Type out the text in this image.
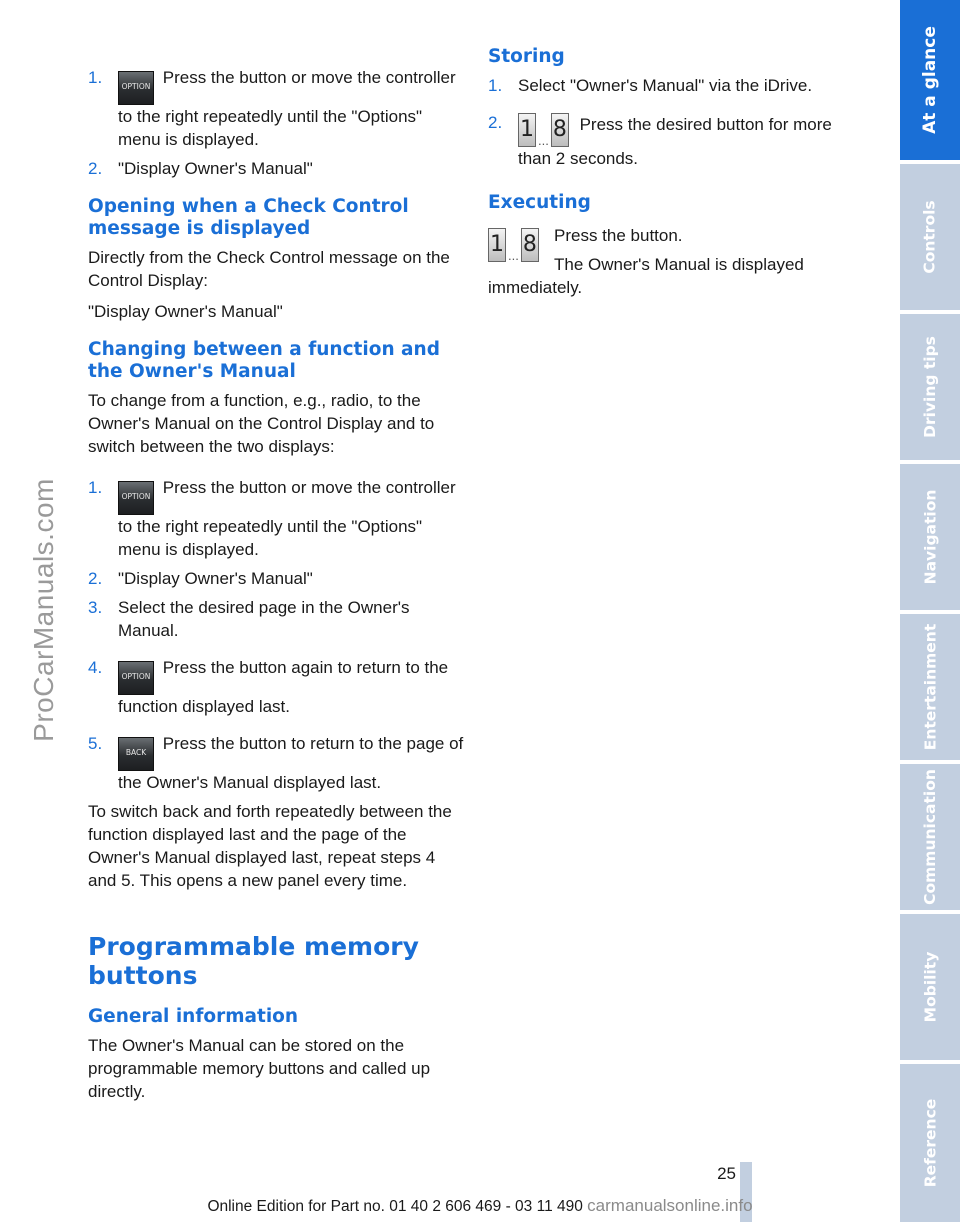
ProCarManuals.com
1.	OPTION Press the button or move the controller to the right repeatedly until the "Options" menu is displayed.
2. "Display Owner's Manual"
Opening when a Check Control message is displayed

Directly from the Check Control message on the Control Display:

"Display Owner's Manual"

Changing between a function and the Owner's Manual

To change from a function, e.g., radio, to the Owner's Manual on the Control Display and to switch between the two displays:

1.	OPTION Press the button or move the controller to the right repeatedly until the "Options" menu is displayed.
2. "Display Owner's Manual"
3. Select the desired page in the Owner's Manual.
4.	OPTION Press the button again to return to the function displayed last.
5.	BACK Press the button to return to the page of the Owner's Manual displayed last.

To switch back and forth repeatedly between the function displayed last and the page of the Owner's Manual displayed last, repeat steps 4 and 5. This opens a new panel every time.

Programmable memory buttons
General information

The Owner's Manual can be stored on the programmable memory buttons and called up directly.

Storing
1. Select "Owner's Manual" via the iDrive.
2. 1 ... 8 Press the desired button for more than 2 seconds.
Executing
1 ... 8	Press the button.

The Owner's Manual is displayed immediately.

At a glance
Controls
Driving tips
Navigation
Entertainment
Communication
Mobility
Reference
25
Online Edition for Part no. 01 40 2 606 469 - 03 11 490 carmanualsonline.info
